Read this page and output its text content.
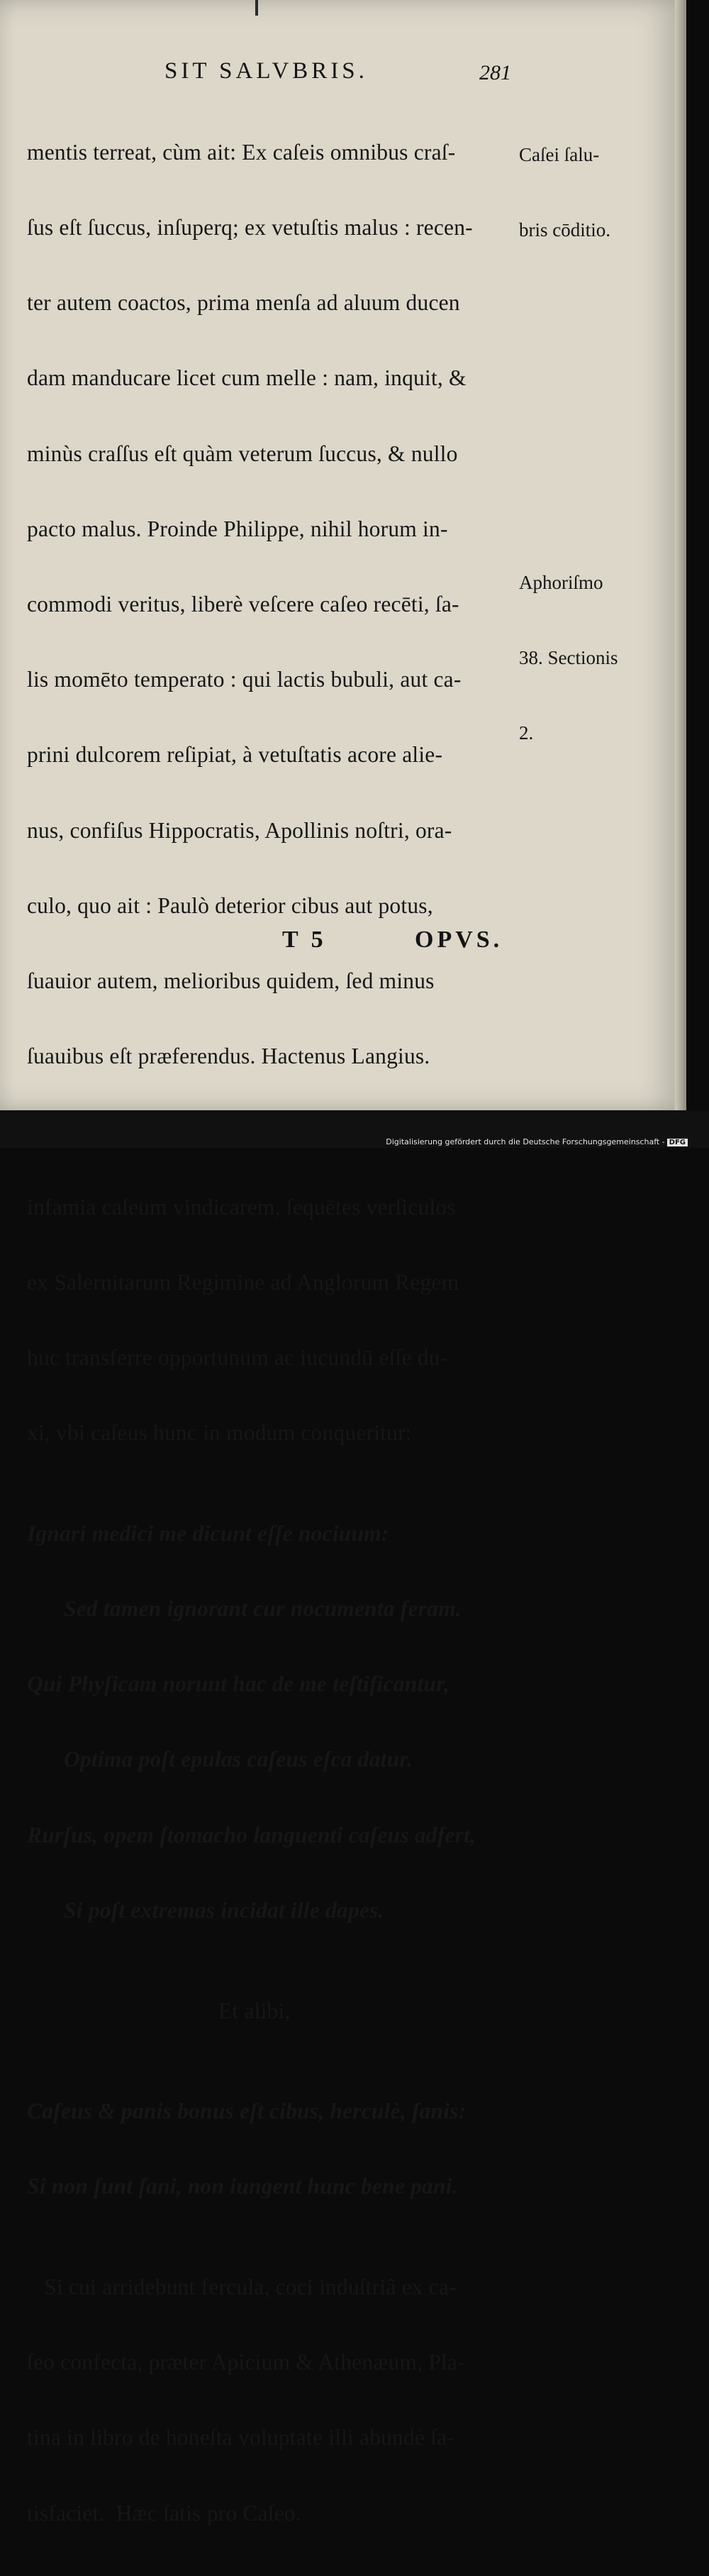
SIT SALVBRIS.	281

mentis terreat, cùm ait: Ex caſeis omnibus craſ-

ſus eſt ſuccus, inſuperq; ex vetuſtis malus : recen-

ter autem coactos, prima menſa ad aluum ducen

dam manducare licet cum melle : nam, inquit, &

minùs craſſus eſt quàm veterum ſuccus, & nullo

pacto malus. Proinde Philippe, nihil horum in-

commodi veritus, liberè veſcere caſeo recēti, ſa-

lis momēto temperato : qui lactis bubuli, aut ca-

prini dulcorem reſipiat, à vetuſtatis acore alie-

nus, confiſus Hippocratis, Apollinis noſtri, ora-

culo, quo ait : Paulò deterior cibus aut potus,

ſuauior autem, melioribus quidem, ſed minus

ſuauibus eſt præferendus. Hactenus Langius.

infamia caſeum vindicarem, ſequētes verſiculos

ex Salernitarum Regimine ad Anglorum Regem

huc transferre opportunum ac iucundū eſſe du-

xi, vbi caſeus hunc in modum conqueritur:

Ignari medici me dicunt eſſe nociuum:

Sed tamen ignorant cur nocumenta feram.

Qui Phyſicam norunt hac de me teſtificantur,

Optima poſt epulas caſeus eſca datur.

Rurſus, opem ſtomacho languenti caſeus adfert,

Si poſt extremas incidat ille dapes.

Et alibi,

Caſeus & panis bonus eſt cibus, herculè, ſanis:

Si non ſunt ſani, non iungent hunc bene pani.

Si cui arridebunt fercula, coci induſtriâ ex ca-

ſeo confecta, præter Apicium & Athenæum, Pla-

tina in libro de honeſta voluptate illi abundè ſa-

tisfaciet.  Hæc ſatis pro Caſeo.

Caſei ſalu-

bris cōditio.

Aphoriſmo

38. Sectionis

2.

T 5	OPVS.
Digitalisierung gefördert durch die Deutsche Forschungsgemeinschaft - DFG
